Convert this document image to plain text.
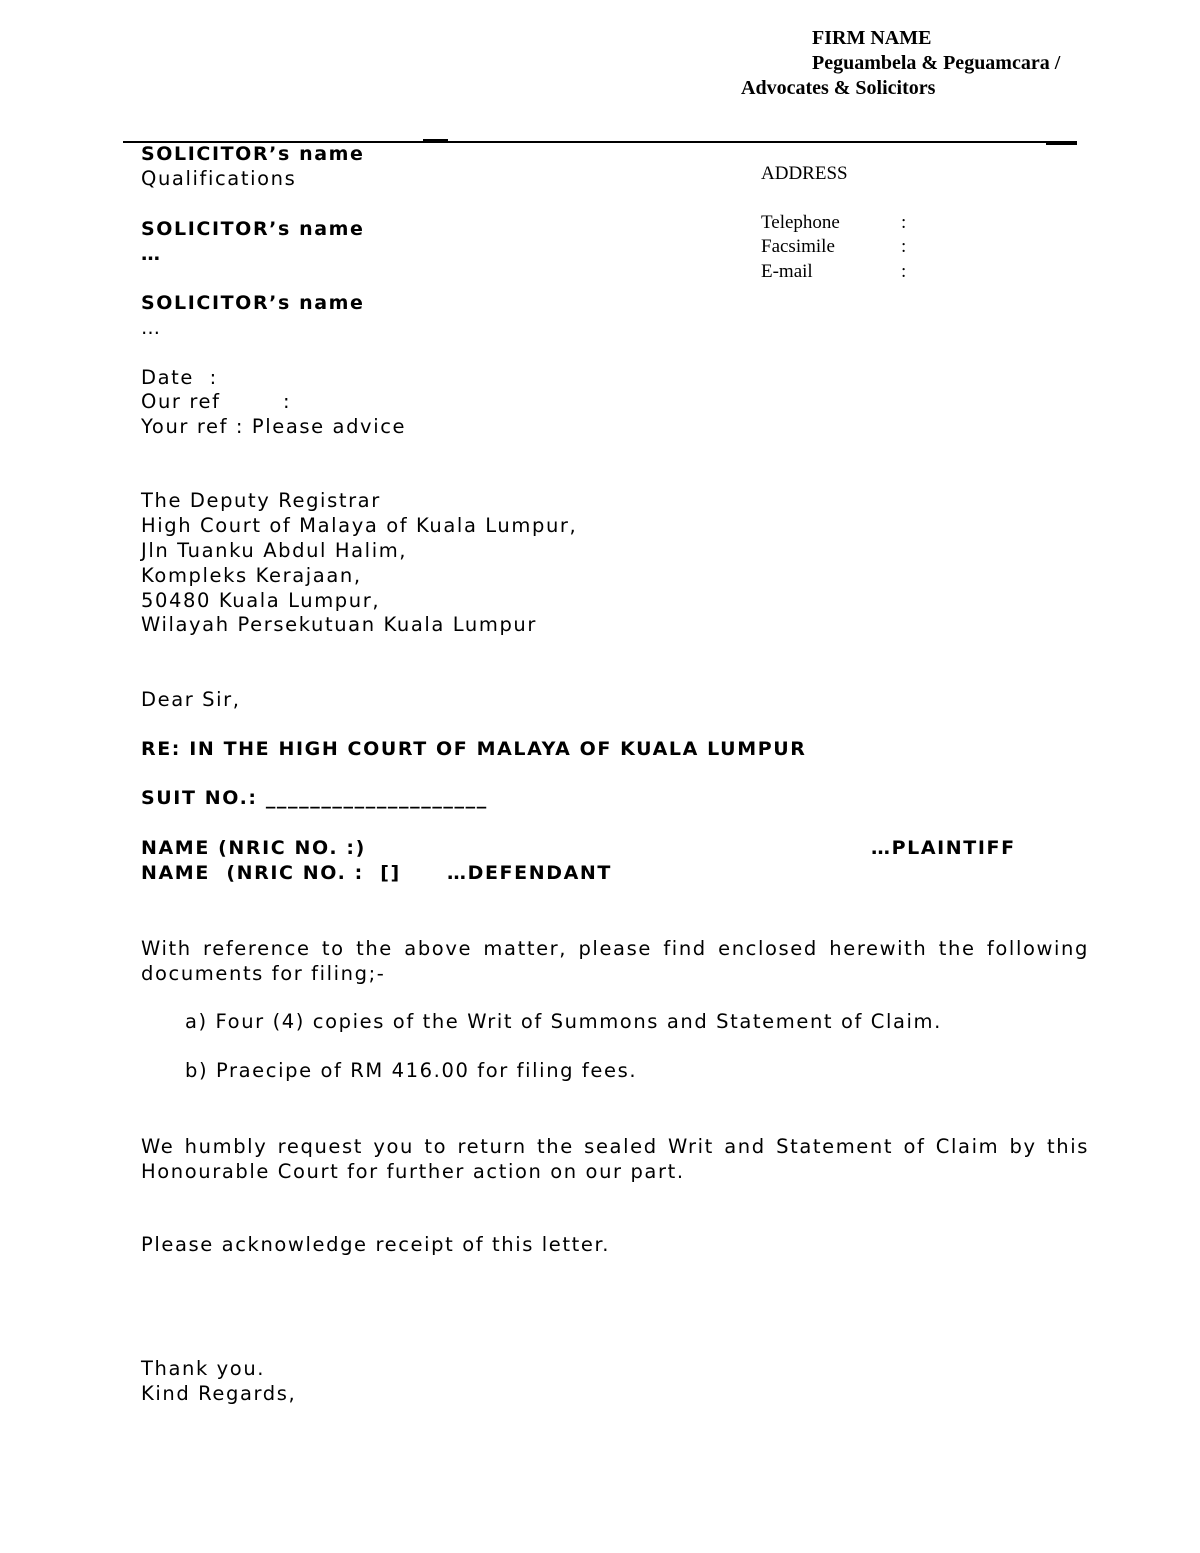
FIRM NAME

Peguambela & Peguamcara /

Advocates & Solicitors

SOLICITOR’s name
Qualifications
SOLICITOR’s name
…
SOLICITOR’s name
…
ADDRESS
Telephone	:
Facsimile	:
E-mail	:
Date  :
Our ref        :
Your ref : Please advice
The Deputy Registrar
High Court of Malaya of Kuala Lumpur,
Jln Tuanku Abdul Halim,
Kompleks Kerajaan,
50480 Kuala Lumpur,
Wilayah Persekutuan Kuala Lumpur
Dear Sir,
RE: IN THE HIGH COURT OF MALAYA OF KUALA LUMPUR
SUIT NO.: ____________________
NAME (NRIC NO. :)	…PLAINTIFF
NAME  (NRIC NO. :  [] …DEFENDANT
With reference to the above matter, please find enclosed herewith the following documents for filing;-
a) Four (4) copies of the Writ of Summons and Statement of Claim.
b) Praecipe of RM 416.00 for filing fees.
We humbly request you to return the sealed Writ and Statement of Claim by this Honourable Court for further action on our part.
Please acknowledge receipt of this letter.
Thank you.
Kind Regards,
